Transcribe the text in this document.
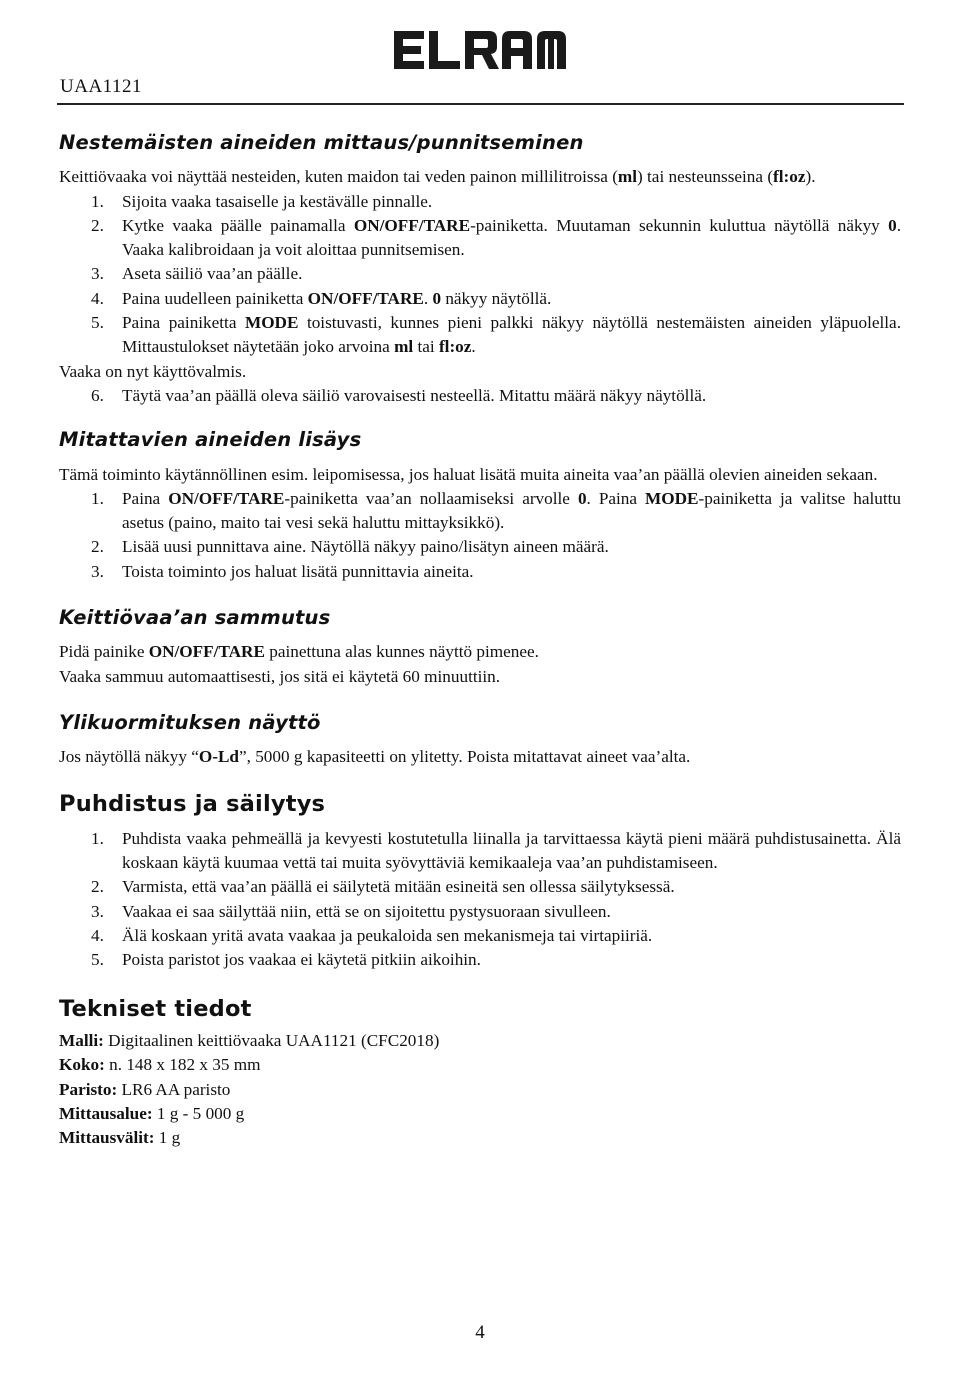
UAA1121
Nestemäisten aineiden mittaus/punnitseminen

Keittiövaaka voi näyttää nesteiden, kuten maidon tai veden painon millilitroissa (ml) tai nesteunsseina (fl:oz).

1. Sijoita vaaka tasaiselle ja kestävälle pinnalle.
2. Kytke vaaka päälle painamalla ON/OFF/TARE-painiketta. Muutaman sekunnin kuluttua näytöllä näkyy 0. Vaaka kalibroidaan ja voit aloittaa punnitsemisen.
3. Aseta säiliö vaa’an päälle.
4. Paina uudelleen painiketta ON/OFF/TARE. 0 näkyy näytöllä.
5. Paina painiketta MODE toistuvasti, kunnes pieni palkki näkyy näytöllä nestemäisten aineiden yläpuolella. Mittaustulokset näytetään joko arvoina ml tai fl:oz.

Vaaka on nyt käyttövalmis.

6. Täytä vaa’an päällä oleva säiliö varovaisesti nesteellä. Mitattu määrä näkyy näytöllä.
Mitattavien aineiden lisäys

Tämä toiminto käytännöllinen esim. leipomisessa, jos haluat lisätä muita aineita vaa’an päällä olevien aineiden sekaan.

1. Paina ON/OFF/TARE-painiketta vaa’an nollaamiseksi arvolle 0. Paina MODE-painiketta ja valitse haluttu asetus (paino, maito tai vesi sekä haluttu mittayksikkö).
2. Lisää uusi punnittava aine. Näytöllä näkyy paino/lisätyn aineen määrä.
3. Toista toiminto jos haluat lisätä punnittavia aineita.
Keittiövaa’an sammutus

Pidä painike ON/OFF/TARE painettuna alas kunnes näyttö pimenee.

Vaaka sammuu automaattisesti, jos sitä ei käytetä 60 minuuttiin.

Ylikuormituksen näyttö

Jos näytöllä näkyy “O-Ld”, 5000 g kapasiteetti on ylitetty. Poista mitattavat aineet vaa’alta.

Puhdistus ja säilytys
1. Puhdista vaaka pehmeällä ja kevyesti kostutetulla liinalla ja tarvittaessa käytä pieni määrä puhdistusainetta. Älä koskaan käytä kuumaa vettä tai muita syövyttäviä kemikaaleja vaa’an puhdistamiseen.
2. Varmista, että vaa’an päällä ei säilytetä mitään esineitä sen ollessa säilytyksessä.
3. Vaakaa ei saa säilyttää niin, että se on sijoitettu pystysuoraan sivulleen.
4. Älä koskaan yritä avata vaakaa ja peukaloida sen mekanismeja tai virtapiiriä.
5. Poista paristot jos vaakaa ei käytetä pitkiin aikoihin.
Tekniset tiedot

Malli: Digitaalinen keittiövaaka UAA1121 (CFC2018)

Koko: n. 148 x 182 x 35 mm

Paristo: LR6 AA paristo

Mittausalue: 1 g - 5 000 g

Mittausvälit: 1 g

4
